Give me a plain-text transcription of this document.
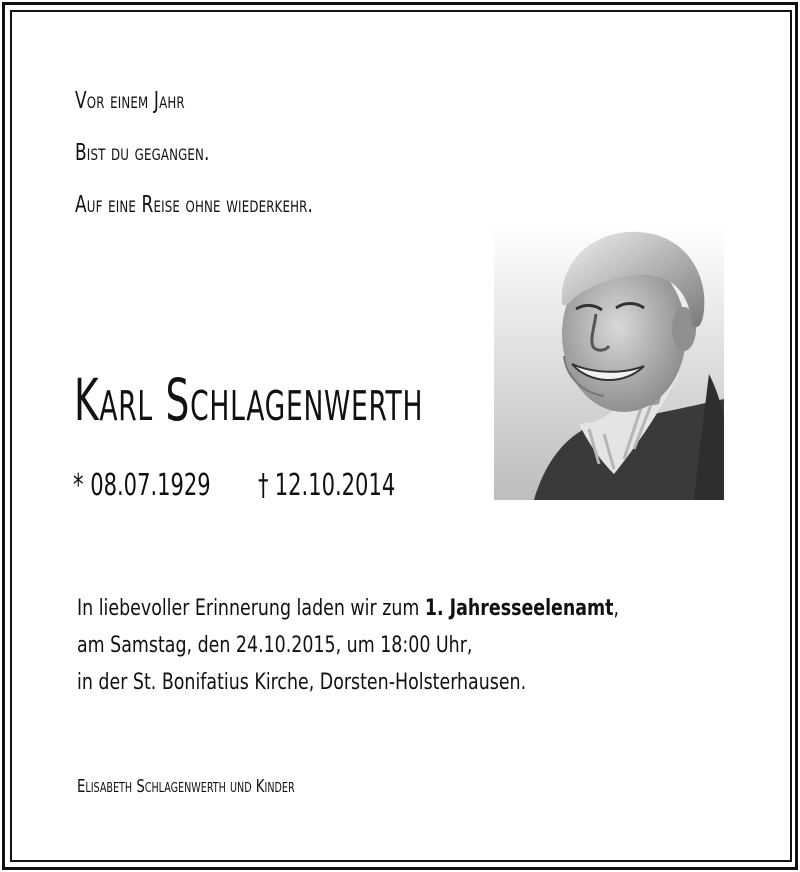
Vor einem Jahr
Bist du gegangen.
Auf eine Reise ohne wiederkehr.
Karl Schlagenwerth
* 08.07.1929 † 12.10.2014
In liebevoller Erinnerung laden wir zum 1. Jahresseelenamt,
am Samstag, den 24.10.2015, um 18:00 Uhr,
in der St. Bonifatius Kirche, Dorsten-Holsterhausen.
Elisabeth Schlagenwerth und Kinder
